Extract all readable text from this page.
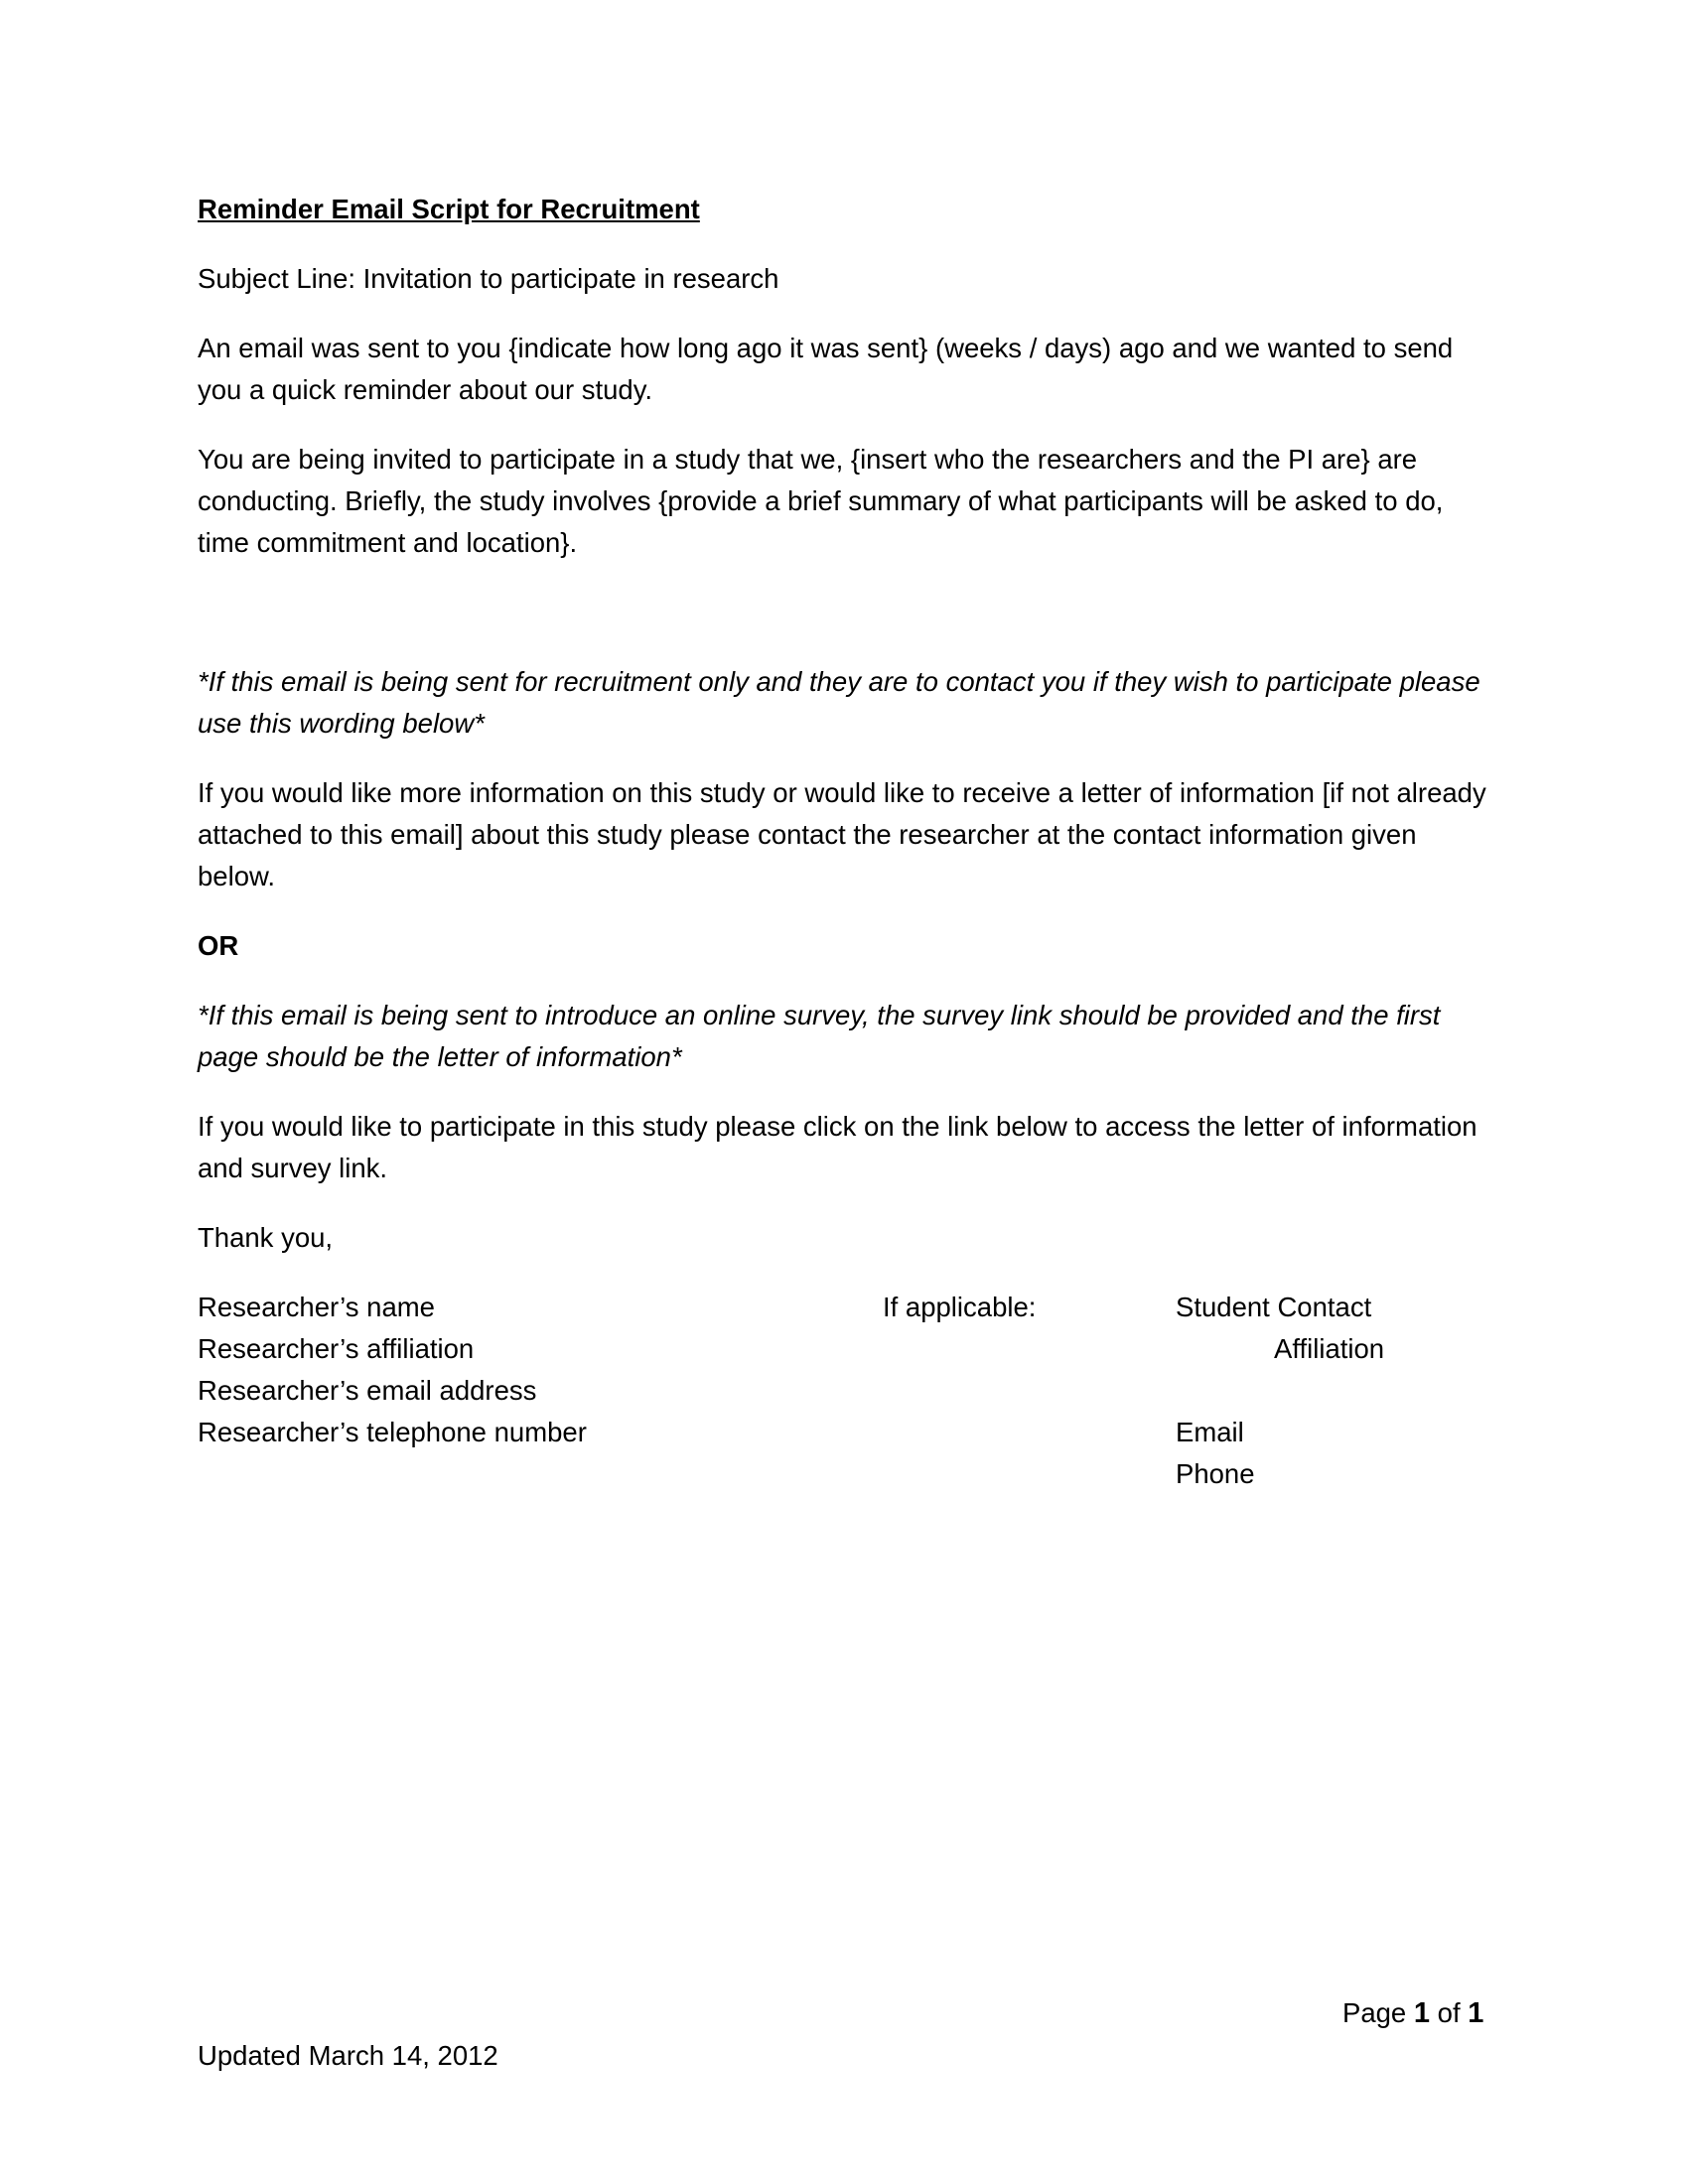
Reminder Email Script for Recruitment

Subject Line: Invitation to participate in research

An email was sent to you {indicate how long ago it was sent} (weeks / days) ago and we wanted to send you a quick reminder about our study.

You are being invited to participate in a study that we, {insert who the researchers and the PI are} are conducting. Briefly, the study involves {provide a brief summary of what participants will be asked to do, time commitment and location}.

*If this email is being sent for recruitment only and they are to contact you if they wish to participate please use this wording below*

If you would like more information on this study or would like to receive a letter of information [if not already attached to this email] about this study please contact the researcher at the contact information given below.

OR

*If this email is being sent to introduce an online survey, the survey link should be provided and the first page should be the letter of information*

If you would like to participate in this study please click on the link below to access the letter of information and survey link.

Thank you,

Researcher’s name
Researcher’s affiliation
Researcher’s email address
Researcher’s telephone number
If applicable:	Student Contact
Affiliation
Email
Phone
Page 1 of 1
Updated March 14, 2012
